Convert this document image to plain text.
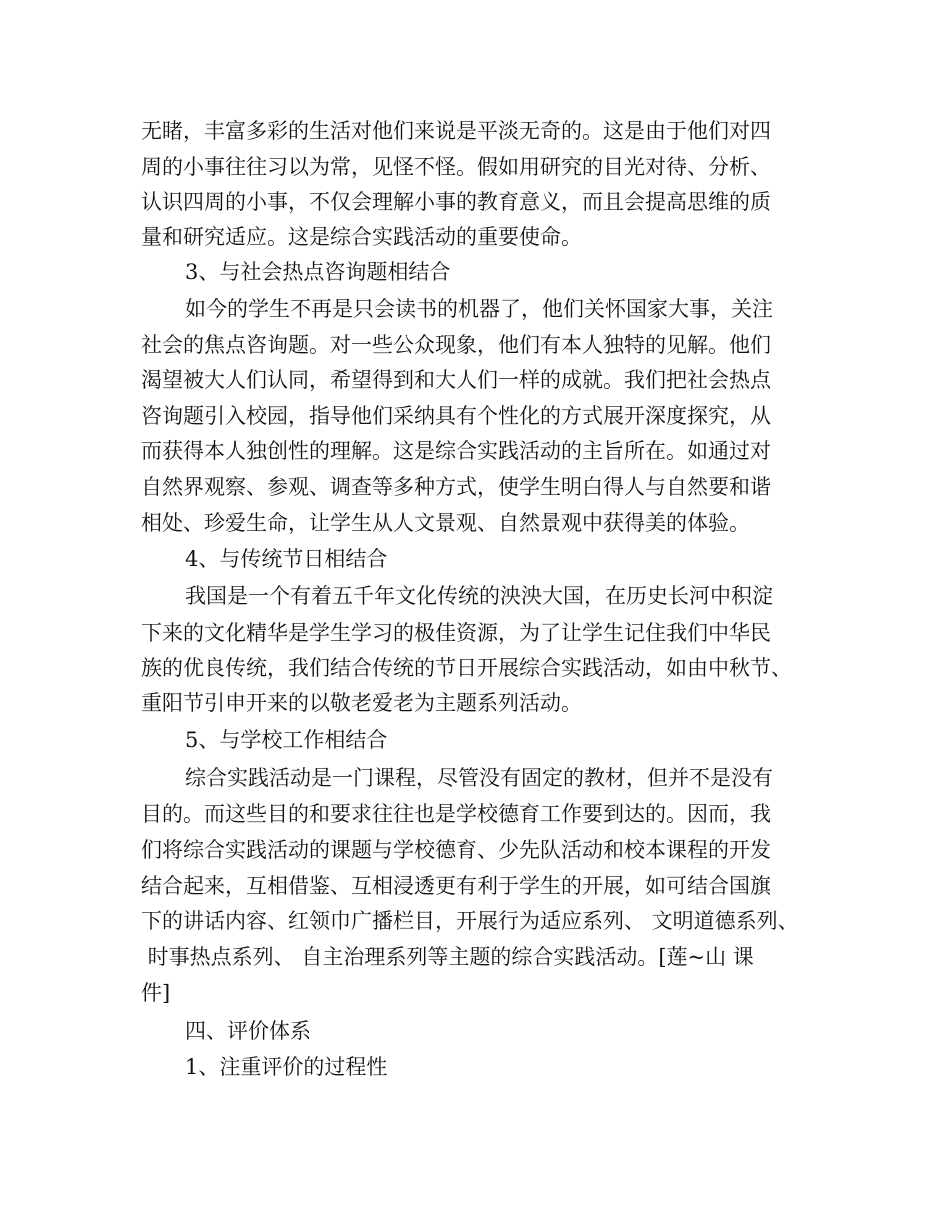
无睹，丰富多彩的生活对他们来说是平淡无奇的。这是由于他们对四
周的小事往往习以为常，见怪不怪。假如用研究的目光对待、分析、
认识四周的小事，不仅会理解小事的教育意义，而且会提高思维的质
量和研究适应。这是综合实践活动的重要使命。
3、与社会热点咨询题相结合
如今的学生不再是只会读书的机器了，他们关怀国家大事，关注
社会的焦点咨询题。对一些公众现象，他们有本人独特的见解。他们
渴望被大人们认同，希望得到和大人们一样的成就。我们把社会热点
咨询题引入校园，指导他们采纳具有个性化的方式展开深度探究，从
而获得本人独创性的理解。这是综合实践活动的主旨所在。如通过对
自然界观察、参观、调查等多种方式，使学生明白得人与自然要和谐
相处、珍爱生命，让学生从人文景观、自然景观中获得美的体验。
4、与传统节日相结合
我国是一个有着五千年文化传统的泱泱大国，在历史长河中积淀
下来的文化精华是学生学习的极佳资源，为了让学生记住我们中华民
族的优良传统，我们结合传统的节日开展综合实践活动，如由中秋节、
重阳节引申开来的以敬老爱老为主题系列活动。
5、与学校工作相结合
综合实践活动是一门课程，尽管没有固定的教材，但并不是没有
目的。而这些目的和要求往往也是学校德育工作要到达的。因而，我
们将综合实践活动的课题与学校德育、少先队活动和校本课程的开发
结合起来，互相借鉴、互相浸透更有利于学生的开展，如可结合国旗
下的讲话内容、红领巾广播栏目，开展行为适应系列、 文明道德系列、
时事热点系列、 自主治理系列等主题的综合实践活动。[莲~山 课
件]
四、评价体系
1、注重评价的过程性
